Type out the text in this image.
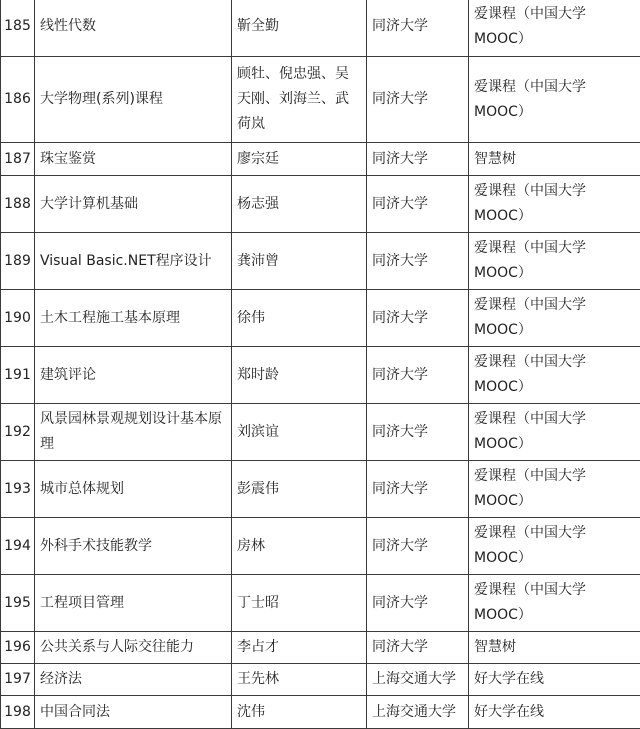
185	线性代数	靳全勤	同济大学	爱课程（中国大学 MOOC）
186	大学物理(系列)课程	顾牡、倪忠强、吴天刚、刘海兰、武荷岚	同济大学	爱课程（中国大学 MOOC）
187	珠宝鉴赏	廖宗廷	同济大学	智慧树
188	大学计算机基础	杨志强	同济大学	爱课程（中国大学 MOOC）
189	Visual Basic.NET程序设计	龚沛曾	同济大学	爱课程（中国大学 MOOC）
190	土木工程施工基本原理	徐伟	同济大学	爱课程（中国大学 MOOC）
191	建筑评论	郑时龄	同济大学	爱课程（中国大学 MOOC）
192	风景园林景观规划设计基本原理	刘滨谊	同济大学	爱课程（中国大学 MOOC）
193	城市总体规划	彭震伟	同济大学	爱课程（中国大学 MOOC）
194	外科手术技能教学	房林	同济大学	爱课程（中国大学 MOOC）
195	工程项目管理	丁士昭	同济大学	爱课程（中国大学 MOOC）
196	公共关系与人际交往能力	李占才	同济大学	智慧树
197	经济法	王先林	上海交通大学	好大学在线
198	中国合同法	沈伟	上海交通大学	好大学在线
